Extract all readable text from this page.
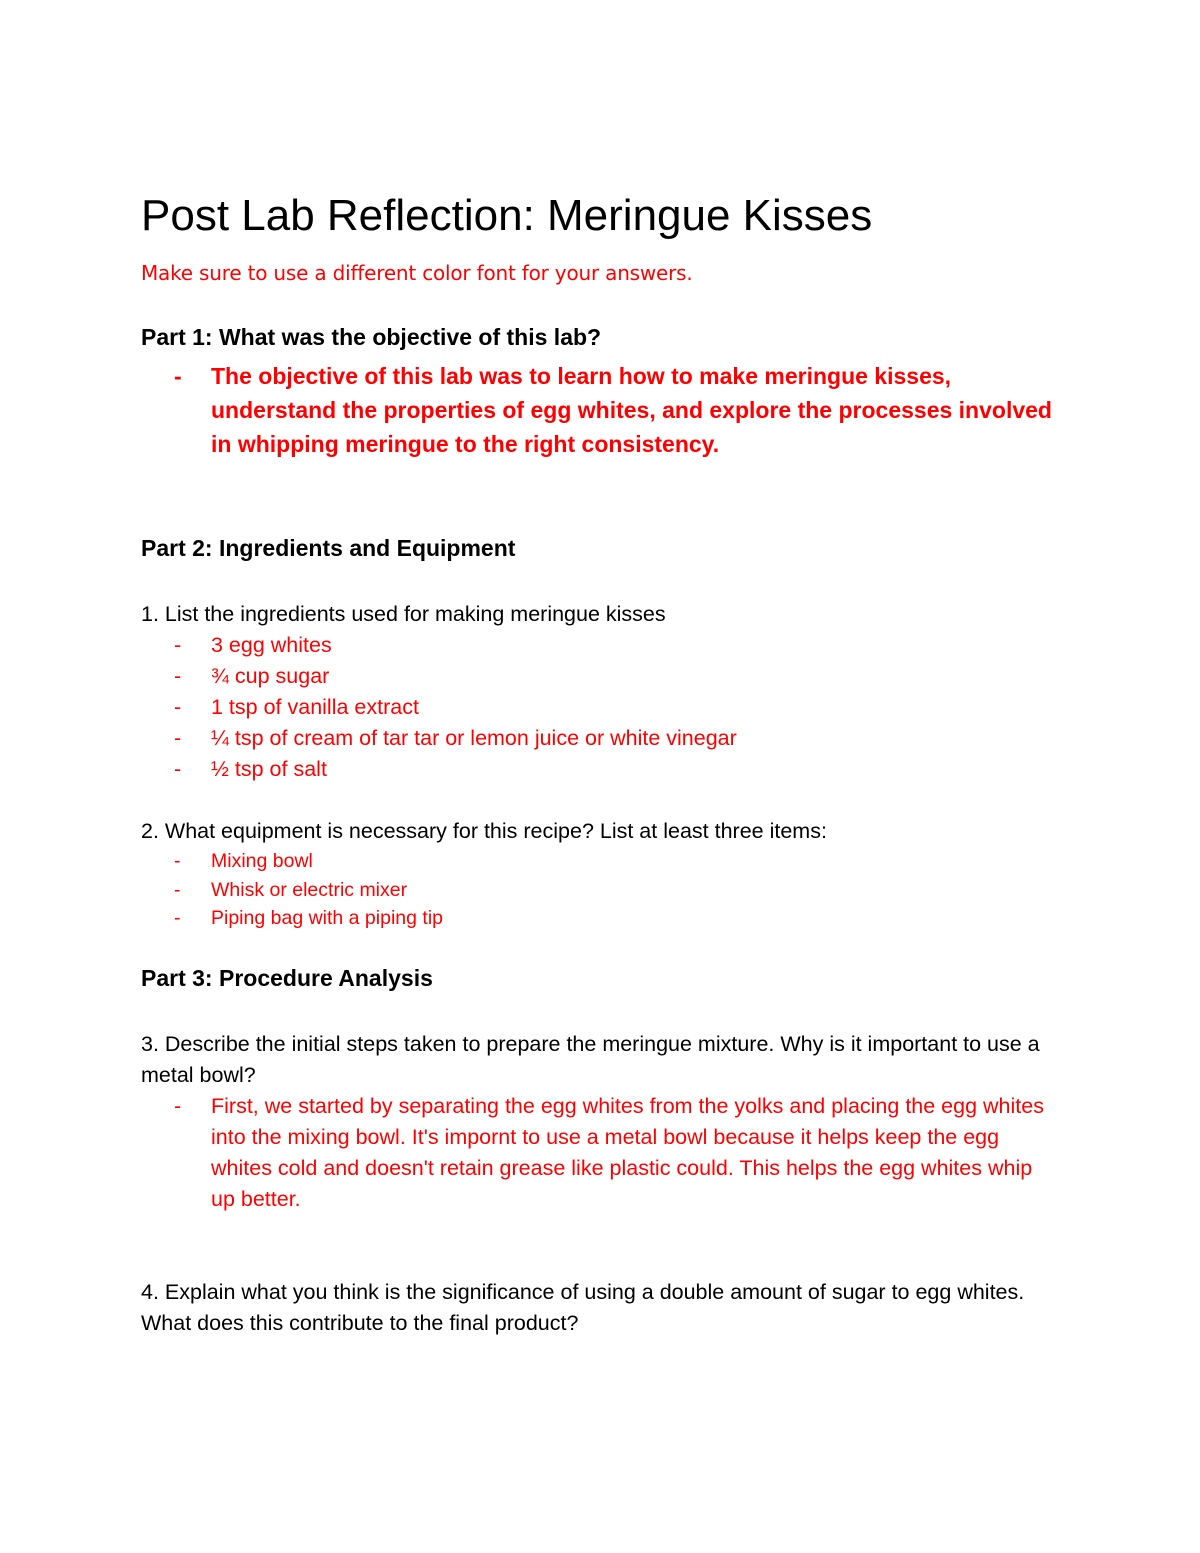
Post Lab Reflection: Meringue Kisses
Make sure to use a different color font for your answers.

Part 1: What was the objective of this lab?

- The objective of this lab was to learn how to make meringue kisses, understand the properties of egg whites, and explore the processes involved in whipping meringue to the right consistency.

Part 2: Ingredients and Equipment

1. List the ingredients used for making meringue kisses

- 3 egg whites
- ¾ cup sugar
- 1 tsp of vanilla extract
- ¼ tsp of cream of tar tar or lemon juice or white vinegar
- ½ tsp of salt

2. What equipment is necessary for this recipe? List at least three items:

- Mixing bowl
- Whisk or electric mixer
- Piping bag with a piping tip

Part 3: Procedure Analysis

3. Describe the initial steps taken to prepare the meringue mixture. Why is it important to use a metal bowl?

- First, we started by separating the egg whites from the yolks and placing the egg whites into the mixing bowl. It's impornt to use a metal bowl because it helps keep the egg whites cold and doesn't retain grease like plastic could. This helps the egg whites whip up better.

4. Explain what you think is the significance of using a double amount of sugar to egg whites. What does this contribute to the final product?
